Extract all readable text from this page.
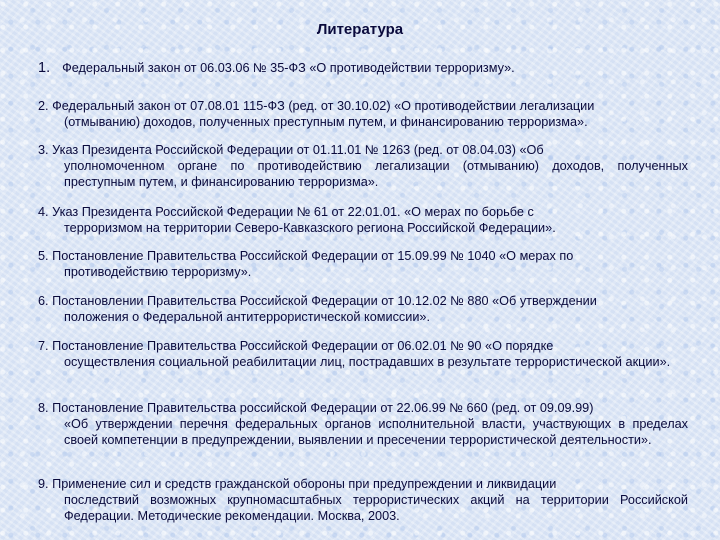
Литература
1. Федеральный закон от 06.03.06 № 35-ФЗ «О противодействии терроризму».
2. Федеральный закон от 07.08.01 115-ФЗ (ред. от 30.10.02) «О противодействии легализации
(отмыванию) доходов, полученных преступным путем, и финансированию терроризма».
3. Указ Президента Российской Федерации от 01.11.01 № 1263 (ред. от 08.04.03) «Об
уполномоченном органе по противодействию легализации (отмыванию) доходов, полученных преступным путем, и финансированию терроризма».
4. Указ Президента Российской Федерации № 61 от 22.01.01. «О мерах по борьбе с
терроризмом на территории Северо-Кавказского региона Российской Федерации».
5. Постановление Правительства Российской Федерации от 15.09.99 № 1040 «О мерах по
противодействию терроризму».
6. Постановлении Правительства Российской Федерации от 10.12.02 № 880 «Об утверждении
положения о Федеральной антитеррористической комиссии».
7. Постановление Правительства Российской Федерации от 06.02.01 № 90 «О порядке
осуществления социальной реабилитации лиц, пострадавших в результате террористической акции».
8. Постановление Правительства российской Федерации от 22.06.99 № 660 (ред. от 09.09.99)
«Об утверждении перечня федеральных органов исполнительной власти, участвующих в пределах своей компетенции в предупреждении, выявлении и пресечении террористической деятельности».
9. Применение сил и средств гражданской обороны при предупреждении и ликвидации
последствий возможных крупномасштабных террористических акций на территории Российской Федерации. Методические рекомендации. Москва, 2003.
